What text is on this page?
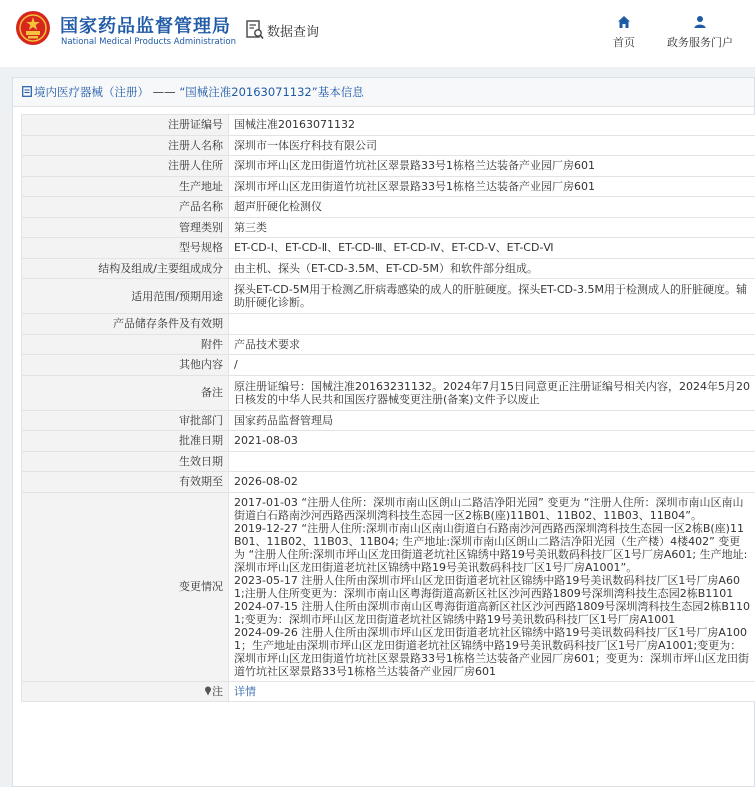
国家药品监督管理局
National Medical Products Administration
数据查询
首页	政务服务门户
境内医疗器械（注册） —— “国械注准20163071132”基本信息
注册证编号	国械注准20163071132
注册人名称	深圳市一体医疗科技有限公司
注册人住所	深圳市坪山区龙田街道竹坑社区翠景路33号1栋格兰达装备产业园厂房601
生产地址	深圳市坪山区龙田街道竹坑社区翠景路33号1栋格兰达装备产业园厂房601
产品名称	超声肝硬化检测仪
管理类别	第三类
型号规格	ET-CD-Ⅰ、ET-CD-Ⅱ、ET-CD-Ⅲ、ET-CD-Ⅳ、ET-CD-Ⅴ、ET-CD-Ⅵ
结构及组成/主要组成成分	由主机、探头（ET-CD-3.5M、ET-CD-5M）和软件部分组成。
适用范围/预期用途	探头ET-CD-5M用于检测乙肝病毒感染的成人的肝脏硬度。探头ET-CD-3.5M用于检测成人的肝脏硬度。辅助肝硬化诊断。
产品储存条件及有效期	
附件	产品技术要求
其他内容	/
备注	原注册证编号：国械注准20163231132。2024年7月15日同意更正注册证编号相关内容，2024年5月20日核发的中华人民共和国医疗器械变更注册(备案)文件予以废止
审批部门	国家药品监督管理局
批准日期	2021-08-03
生效日期	
有效期至	2026-08-02
变更情况	2017-01-03 “注册人住所：深圳市南山区朗山二路洁净阳光园” 变更为 “注册人住所：深圳市南山区南山街道白石路南沙河西路西深圳湾科技生态园一区2栋B(座)11B01、11B02、11B03、11B04”。
2019-12-27 “注册人住所:深圳市南山区南山街道白石路南沙河西路西深圳湾科技生态园一区2栋B(座)11B01、11B02、11B03、11B04; 生产地址:深圳市南山区朗山二路洁净阳光园（生产楼）4楼402” 变更为 “注册人住所:深圳市坪山区龙田街道老坑社区锦绣中路19号美讯数码科技厂区1号厂房A601; 生产地址:深圳市坪山区龙田街道老坑社区锦绣中路19号美讯数码科技厂区1号厂房A1001”。
2023-05-17 注册人住所由深圳市坪山区龙田街道老坑社区锦绣中路19号美讯数码科技厂区1号厂房A601;注册人住所变更为：深圳市南山区粤海街道高新区社区沙河西路1809号深圳湾科技生态园2栋B1101
2024-07-15 注册人住所由深圳市南山区粤海街道高新区社区沙河西路1809号深圳湾科技生态园2栋B1101;变更为：深圳市坪山区龙田街道老坑社区锦绣中路19号美讯数码科技厂区1号厂房A1001
2024-09-26 注册人住所由深圳市坪山区龙田街道老坑社区锦绣中路19号美讯数码科技厂区1号厂房A1001；生产地址由深圳市坪山区龙田街道老坑社区锦绣中路19号美讯数码科技厂区1号厂房A1001;变更为：深圳市坪山区龙田街道竹坑社区翠景路33号1栋格兰达装备产业园厂房601；变更为：深圳市坪山区龙田街道竹坑社区翠景路33号1栋格兰达装备产业园厂房601

注	详情
